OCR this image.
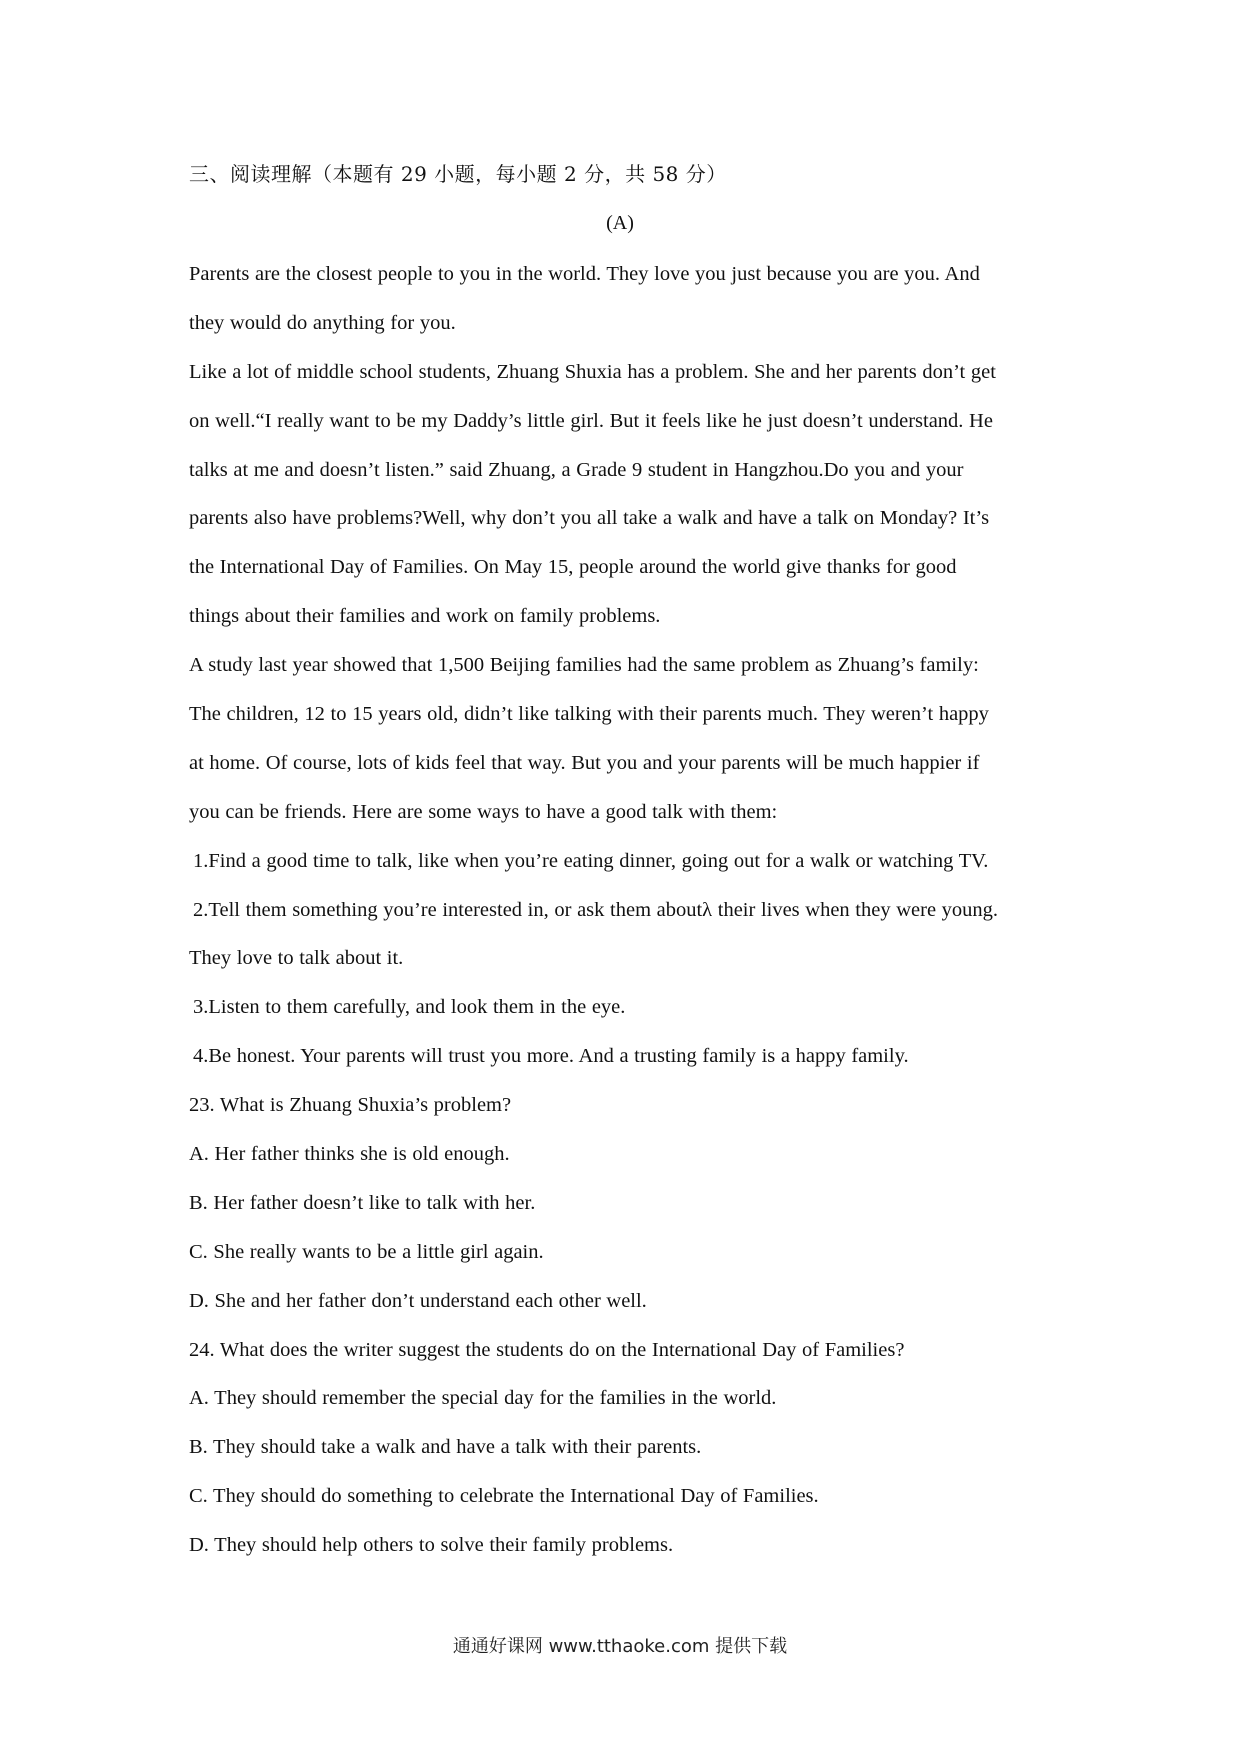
三、阅读理解（本题有 29 小题，每小题 2 分，共 58 分）
(A)
Parents are the closest people to you in the world. They love you just because you are you. And
they would do anything for you.
Like a lot of middle school students, Zhuang Shuxia has a problem. She and her parents don’t get
on well.“I really want to be my Daddy’s little girl. But it feels like he just doesn’t understand. He
talks at me and doesn’t listen.” said Zhuang, a Grade 9 student in Hangzhou.Do you and your
parents also have problems?Well, why don’t you all take a walk and have a talk on Monday? It’s
the International Day of Families. On May 15, people around the world give thanks for good
things about their families and work on family problems.
A study last year showed that 1,500 Beijing families had the same problem as Zhuang’s family:
The children, 12 to 15 years old, didn’t like talking with their parents much. They weren’t happy
at home. Of course, lots of kids feel that way. But you and your parents will be much happier if
you can be friends. Here are some ways to have a good talk with them:
1.Find a good time to talk, like when you’re eating dinner, going out for a walk or watching TV.
2.Tell them something you’re interested in, or ask them aboutλ their lives when they were young.
They love to talk about it.
3.Listen to them carefully, and look them in the eye.
4.Be honest. Your parents will trust you more. And a trusting family is a happy family.
23. What is Zhuang Shuxia’s problem?
A. Her father thinks she is old enough.
B. Her father doesn’t like to talk with her.
C. She really wants to be a little girl again.
D. She and her father don’t understand each other well.
24. What does the writer suggest the students do on the International Day of Families?
A. They should remember the special day for the families in the world.
B. They should take a walk and have a talk with their parents.
C. They should do something to celebrate the International Day of Families.
D. They should help others to solve their family problems.
通通好课网 www.tthaoke.com 提供下载
